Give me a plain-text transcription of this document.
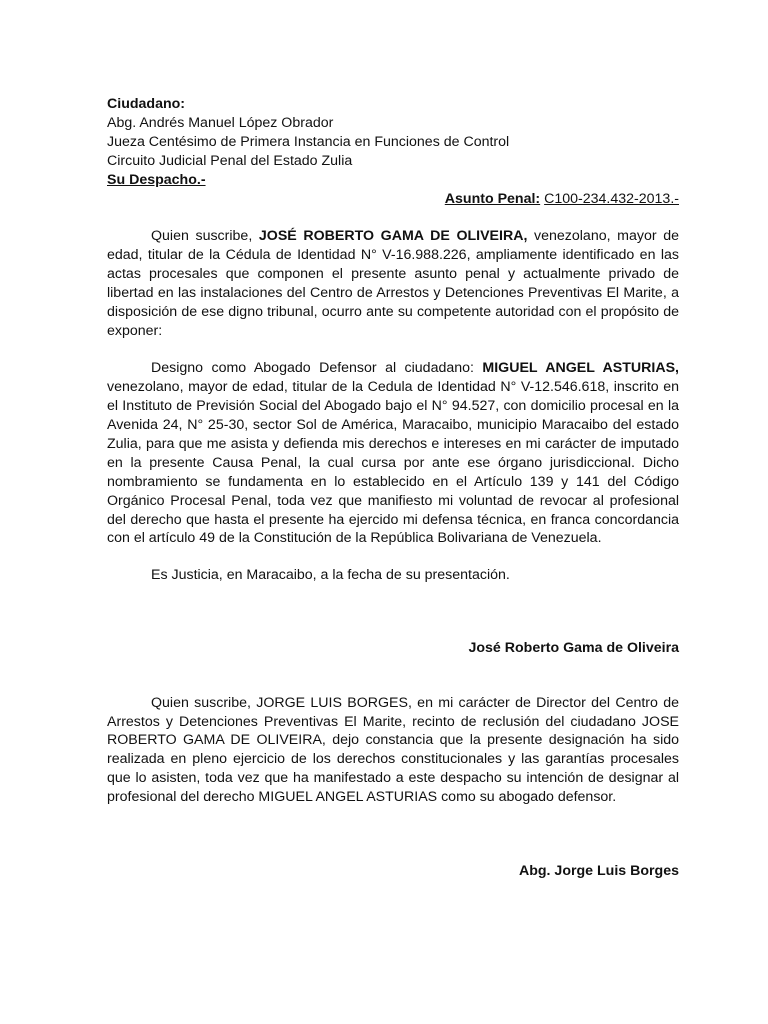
Ciudadano:

Abg. Andrés Manuel López Obrador

Jueza Centésimo de Primera Instancia en Funciones de Control

Circuito Judicial Penal del Estado Zulia

Su Despacho.-

Asunto Penal: C100-234.432-2013.-

Quien suscribe, JOSÉ ROBERTO GAMA DE OLIVEIRA, venezolano, mayor de edad, titular de la Cédula de Identidad N° V-16.988.226, ampliamente identificado en las actas procesales que componen el presente asunto penal y actualmente privado de libertad en las instalaciones del Centro de Arrestos y Detenciones Preventivas El Marite, a disposición de ese digno tribunal, ocurro ante su competente autoridad con el propósito de exponer:

Designo como Abogado Defensor al ciudadano: MIGUEL ANGEL ASTURIAS, venezolano, mayor de edad, titular de la Cedula de Identidad N° V-12.546.618, inscrito en el Instituto de Previsión Social del Abogado bajo el N° 94.527, con domicilio procesal en la Avenida 24, N° 25-30, sector Sol de América, Maracaibo, municipio Maracaibo del estado Zulia, para que me asista y defienda mis derechos e intereses en mi carácter de imputado en la presente Causa Penal, la cual cursa por ante ese órgano jurisdiccional. Dicho nombramiento se fundamenta en lo establecido en el Artículo 139 y 141 del Código Orgánico Procesal Penal, toda vez que manifiesto mi voluntad de revocar al profesional del derecho que hasta el presente ha ejercido mi defensa técnica, en franca concordancia con el artículo 49 de la Constitución de la República Bolivariana de Venezuela.

Es Justicia, en Maracaibo, a la fecha de su presentación.

José Roberto Gama de Oliveira

Quien suscribe, JORGE LUIS BORGES, en mi carácter de Director del Centro de Arrestos y Detenciones Preventivas El Marite, recinto de reclusión del ciudadano JOSE ROBERTO GAMA DE OLIVEIRA, dejo constancia que la presente designación ha sido realizada en pleno ejercicio de los derechos constitucionales y las garantías procesales que lo asisten, toda vez que ha manifestado a este despacho su intención de designar al profesional del derecho MIGUEL ANGEL ASTURIAS como su abogado defensor.

Abg. Jorge Luis Borges
